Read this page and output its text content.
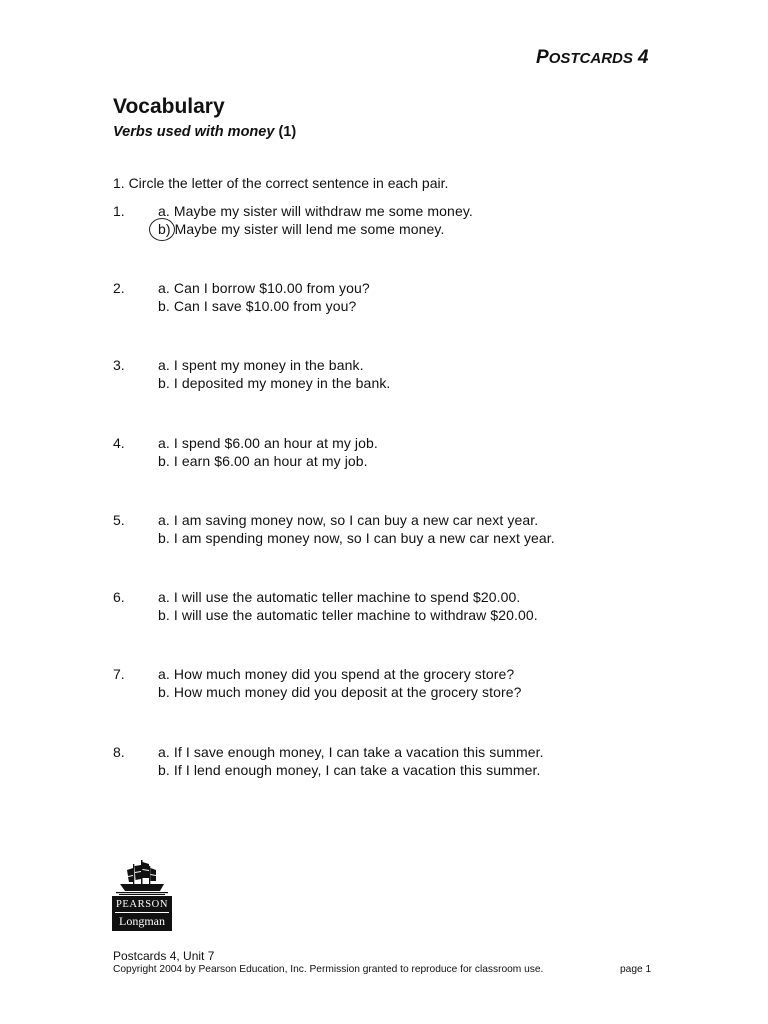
POSTCARDS 4
Vocabulary
Verbs used with money (1)
1. Circle the letter of the correct sentence in each pair.
1. a. Maybe my sister will withdraw me some money.
b) Maybe my sister will lend me some money.
2. a. Can I borrow $10.00 from you?
b. Can I save $10.00 from you?
3. a. I spent my money in the bank.
b. I deposited my money in the bank.
4. a. I spend $6.00 an hour at my job.
b. I earn $6.00 an hour at my job.
5. a. I am saving money now, so I can buy a new car next year.
b. I am spending money now, so I can buy a new car next year.
6. a. I will use the automatic teller machine to spend $20.00.
b. I will use the automatic teller machine to withdraw $20.00.
7. a. How much money did you spend at the grocery store?
b. How much money did you deposit at the grocery store?
8. a. If I save enough money, I can take a vacation this summer.
b. If I lend enough money, I can take a vacation this summer.
PEARSON
Longman
Postcards 4, Unit 7
Copyright 2004 by Pearson Education, Inc. Permission granted to reproduce for classroom use.	page 1
